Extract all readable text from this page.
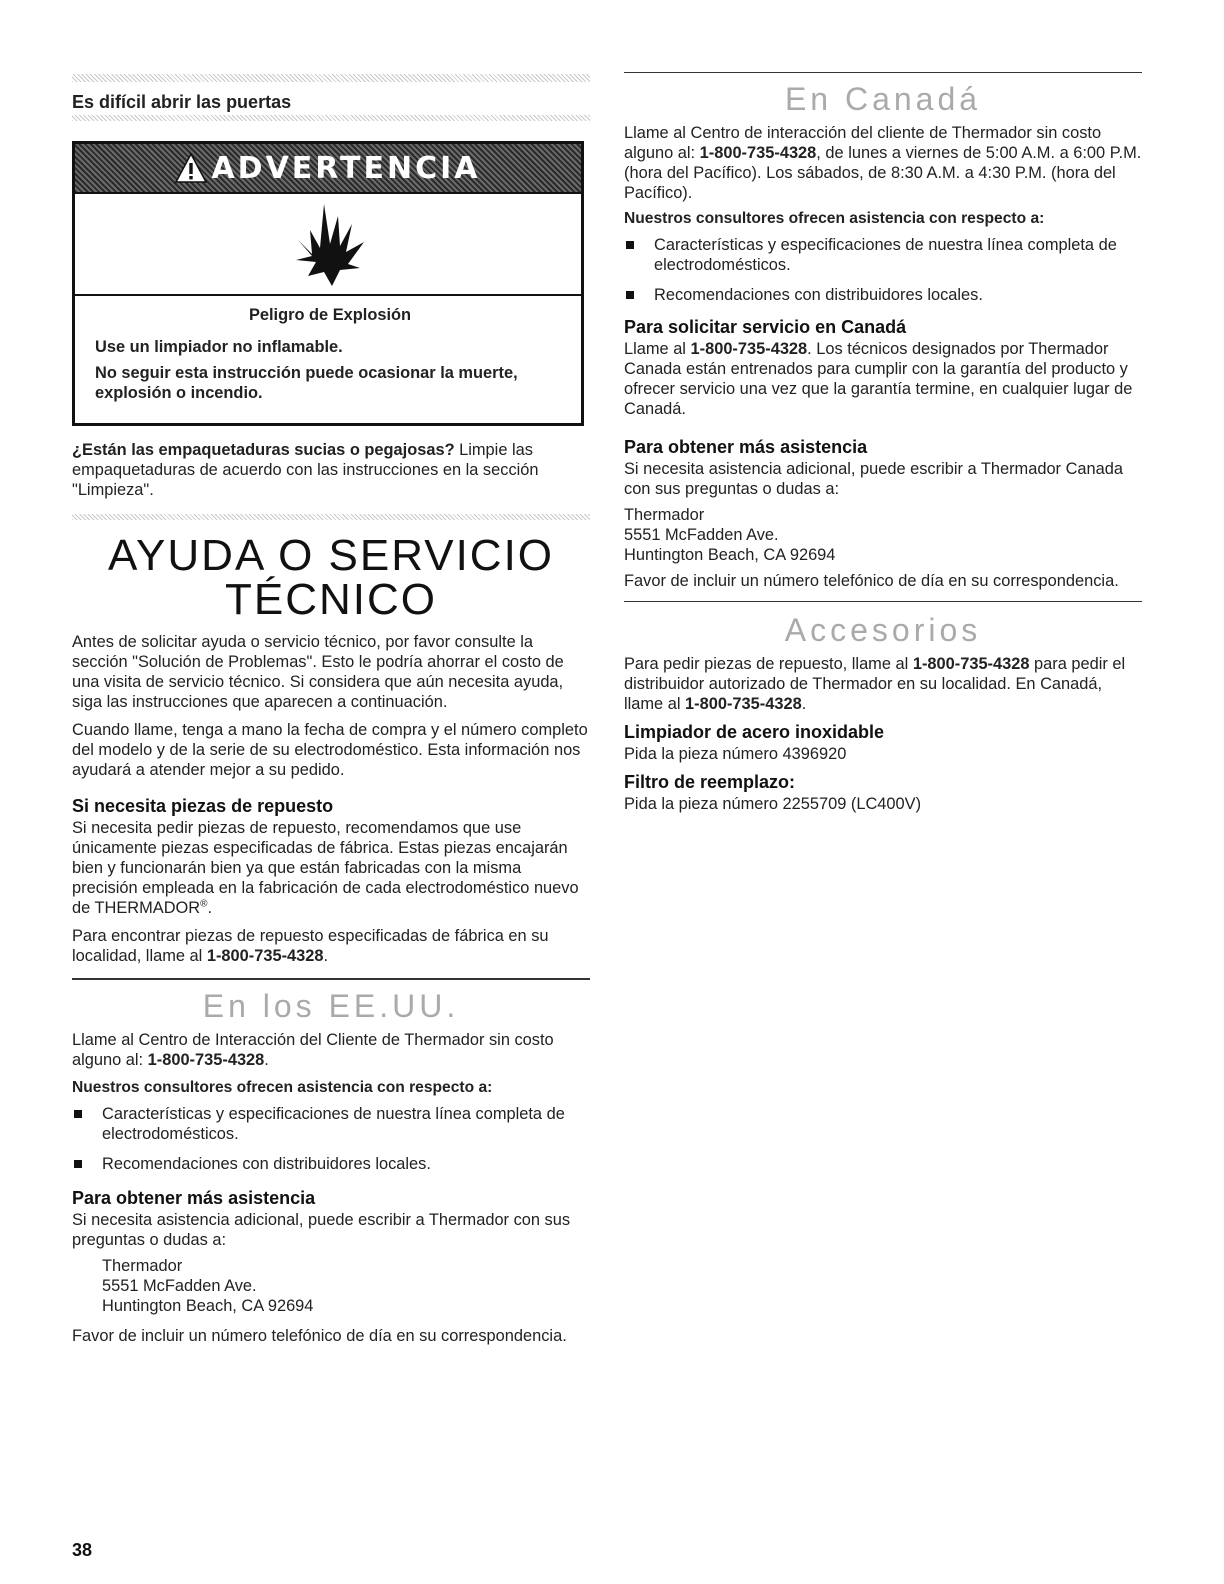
Es difícil abrir las puertas
ADVERTENCIA
Peligro de Explosión
Use un limpiador no inflamable.
No seguir esta instrucción puede ocasionar la muerte, explosión o incendio.

¿Están las empaquetaduras sucias o pegajosas? Limpie las empaquetaduras de acuerdo con las instrucciones en la sección "Limpieza".

AYUDA O SERVICIO
TÉCNICO

Antes de solicitar ayuda o servicio técnico, por favor consulte la sección "Solución de Problemas". Esto le podría ahorrar el costo de una visita de servicio técnico. Si considera que aún necesita ayuda, siga las instrucciones que aparecen a continuación.

Cuando llame, tenga a mano la fecha de compra y el número completo del modelo y de la serie de su electrodoméstico. Esta información nos ayudará a atender mejor a su pedido.

Si necesita piezas de repuesto

Si necesita pedir piezas de repuesto, recomendamos que use únicamente piezas especificadas de fábrica. Estas piezas encajarán bien y funcionarán bien ya que están fabricadas con la misma precisión empleada en la fabricación de cada electrodoméstico nuevo de THERMADOR®.

Para encontrar piezas de repuesto especificadas de fábrica en su localidad, llame al 1-800-735-4328.

En los EE.UU.

Llame al Centro de Interacción del Cliente de Thermador sin costo alguno al: 1-800-735-4328.

Nuestros consultores ofrecen asistencia con respecto a:

Características y especificaciones de nuestra línea completa de electrodomésticos.
Recomendaciones con distribuidores locales.
Para obtener más asistencia

Si necesita asistencia adicional, puede escribir a Thermador con sus preguntas o dudas a:

Thermador

5551 McFadden Ave.

Huntington Beach, CA 92694

Favor de incluir un número telefónico de día en su correspondencia.

En Canadá

Llame al Centro de interacción del cliente de Thermador sin costo alguno al: 1-800-735-4328, de lunes a viernes de 5:00 A.M. a 6:00 P.M. (hora del Pacífico). Los sábados, de 8:30 A.M. a 4:30 P.M. (hora del Pacífico).

Nuestros consultores ofrecen asistencia con respecto a:

Características y especificaciones de nuestra línea completa de electrodomésticos.
Recomendaciones con distribuidores locales.
Para solicitar servicio en Canadá

Llame al 1-800-735-4328. Los técnicos designados por Thermador Canada están entrenados para cumplir con la garantía del producto y ofrecer servicio una vez que la garantía termine, en cualquier lugar de Canadá.

Para obtener más asistencia

Si necesita asistencia adicional, puede escribir a Thermador Canada con sus preguntas o dudas a:

Thermador

5551 McFadden Ave.

Huntington Beach, CA 92694

Favor de incluir un número telefónico de día en su correspondencia.

Accesorios

Para pedir piezas de repuesto, llame al 1-800-735-4328 para pedir el distribuidor autorizado de Thermador en su localidad. En Canadá, llame al 1-800-735-4328.

Limpiador de acero inoxidable

Pida la pieza número 4396920

Filtro de reemplazo:

Pida la pieza número 2255709 (LC400V)

38
